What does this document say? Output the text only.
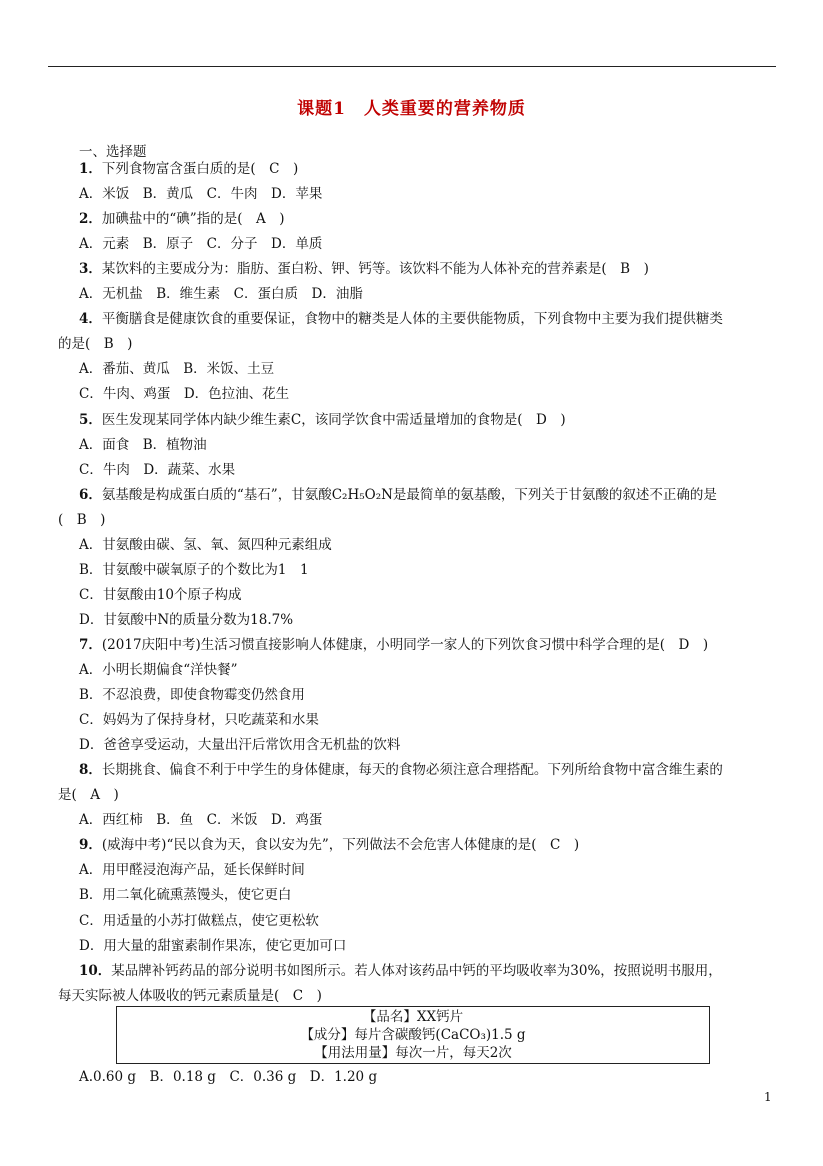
课题1　人类重要的营养物质
一、选择题
1．下列食物富含蛋白质的是(　C　)
A．米饭　B．黄瓜　C．牛肉　D．苹果
2．加碘盐中的“碘”指的是(　A　)
A．元素　B．原子　C．分子　D．单质
3．某饮料的主要成分为：脂肪、蛋白粉、钾、钙等。该饮料不能为人体补充的营养素是(　B　)
A．无机盐　B．维生素　C．蛋白质　D．油脂
4．平衡膳食是健康饮食的重要保证，食物中的糖类是人体的主要供能物质，下列食物中主要为我们提供糖类
的是(　B　)
A．番茄、黄瓜　B．米饭、土豆
C．牛肉、鸡蛋　D．色拉油、花生
5．医生发现某同学体内缺少维生素C，该同学饮食中需适量增加的食物是(　D　)
A．面食　B．植物油
C．牛肉　D．蔬菜、水果
6．氨基酸是构成蛋白质的“基石”，甘氨酸C₂H₅O₂N是最简单的氨基酸，下列关于甘氨酸的叙述不正确的是
(　B　)
A．甘氨酸由碳、氢、氧、氮四种元素组成
B．甘氨酸中碳氧原子的个数比为1　1
C．甘氨酸由10个原子构成
D．甘氨酸中N的质量分数为18.7%
7．(2017庆阳中考)生活习惯直接影响人体健康，小明同学一家人的下列饮食习惯中科学合理的是(　D　)
A．小明长期偏食“洋快餐”
B．不忍浪费，即使食物霉变仍然食用
C．妈妈为了保持身材，只吃蔬菜和水果
D．爸爸享受运动，大量出汗后常饮用含无机盐的饮料
8．长期挑食、偏食不利于中学生的身体健康，每天的食物必须注意合理搭配。下列所给食物中富含维生素的
是(　A　)
A．西红柿　B．鱼　C．米饭　D．鸡蛋
9．(威海中考)“民以食为天，食以安为先”，下列做法不会危害人体健康的是(　C　)
A．用甲醛浸泡海产品，延长保鲜时间
B．用二氧化硫熏蒸馒头，使它更白
C．用适量的小苏打做糕点，使它更松软
D．用大量的甜蜜素制作果冻，使它更加可口
10．某品牌补钙药品的部分说明书如图所示。若人体对该药品中钙的平均吸收率为30%，按照说明书服用，
每天实际被人体吸收的钙元素质量是(　C　)
【品名】XX钙片
【成分】每片含碳酸钙(CaCO₃)1.5 g
【用法用量】每次一片，每天2次
A.0.60 g　B．0.18 g　C．0.36 g　D．1.20 g
1
